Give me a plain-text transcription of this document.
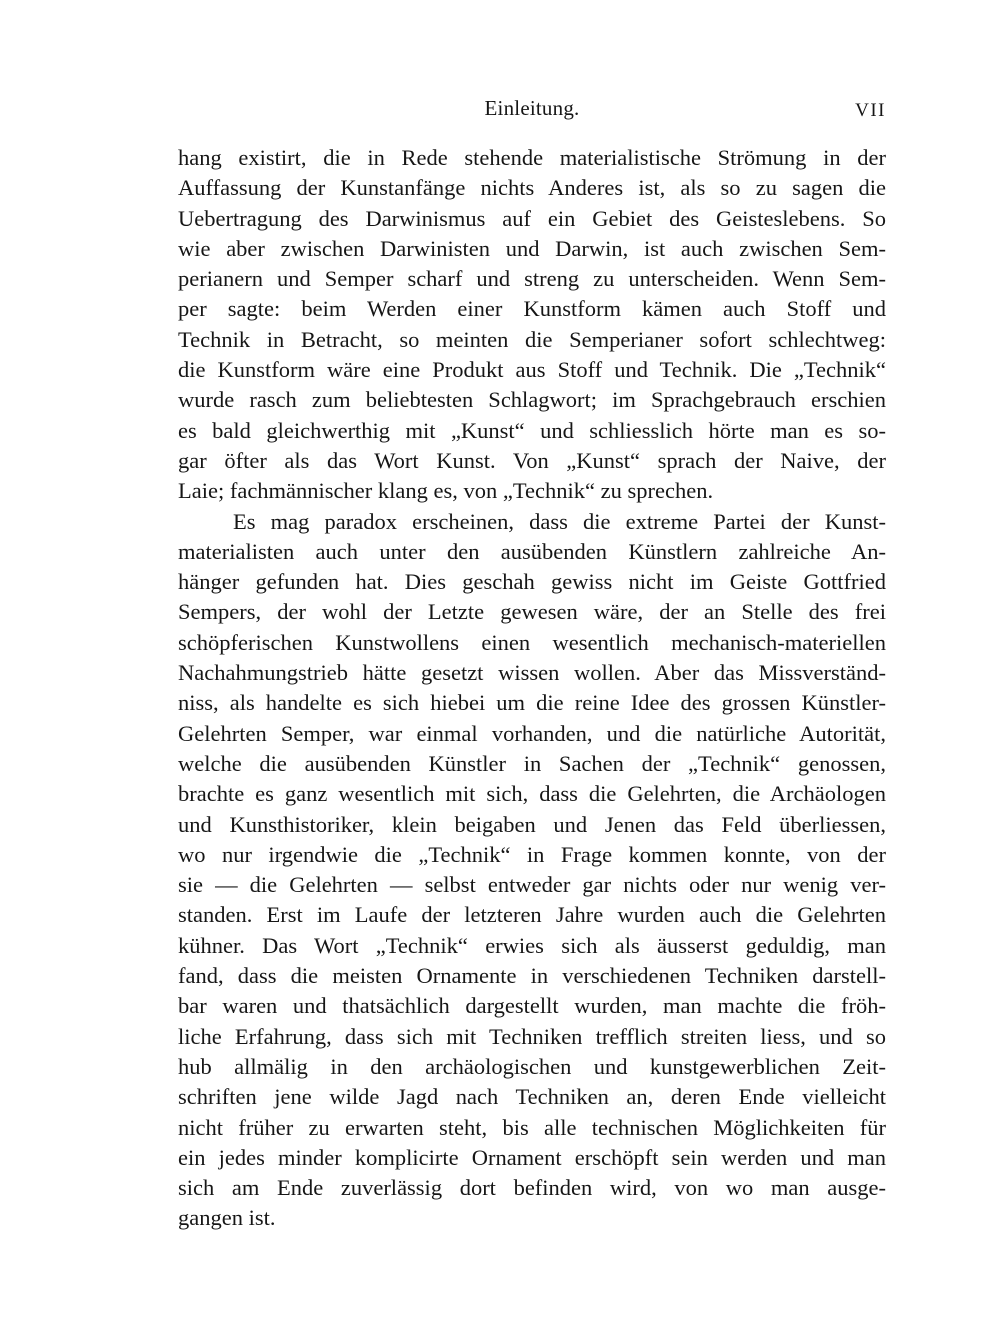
Einleitung.	VII
hang existirt, die in Rede stehende materialistische Strömung in der
Auffassung der Kunstanfänge nichts Anderes ist, als so zu sagen die
Uebertragung des Darwinismus auf ein Gebiet des Geisteslebens. So
wie aber zwischen Darwinisten und Darwin, ist auch zwischen Sem-
perianern und Semper scharf und streng zu unterscheiden. Wenn Sem-
per sagte: beim Werden einer Kunstform kämen auch Stoff und
Technik in Betracht, so meinten die Semperianer sofort schlechtweg:
die Kunstform wäre eine Produkt aus Stoff und Technik. Die „Technik“
wurde rasch zum beliebtesten Schlagwort; im Sprachgebrauch erschien
es bald gleichwerthig mit „Kunst“ und schliesslich hörte man es so-
gar öfter als das Wort Kunst. Von „Kunst“ sprach der Naive, der
Laie; fachmännischer klang es, von „Technik“ zu sprechen.
Es mag paradox erscheinen, dass die extreme Partei der Kunst-
materialisten auch unter den ausübenden Künstlern zahlreiche An-
hänger gefunden hat. Dies geschah gewiss nicht im Geiste Gottfried
Sempers, der wohl der Letzte gewesen wäre, der an Stelle des frei
schöpferischen Kunstwollens einen wesentlich mechanisch-materiellen
Nachahmungstrieb hätte gesetzt wissen wollen. Aber das Missverständ-
niss, als handelte es sich hiebei um die reine Idee des grossen Künstler-
Gelehrten Semper, war einmal vorhanden, und die natürliche Autorität,
welche die ausübenden Künstler in Sachen der „Technik“ genossen,
brachte es ganz wesentlich mit sich, dass die Gelehrten, die Archäologen
und Kunsthistoriker, klein beigaben und Jenen das Feld überliessen,
wo nur irgendwie die „Technik“ in Frage kommen konnte, von der
sie — die Gelehrten — selbst entweder gar nichts oder nur wenig ver-
standen. Erst im Laufe der letzteren Jahre wurden auch die Gelehrten
kühner. Das Wort „Technik“ erwies sich als äusserst geduldig, man
fand, dass die meisten Ornamente in verschiedenen Techniken darstell-
bar waren und thatsächlich dargestellt wurden, man machte die fröh-
liche Erfahrung, dass sich mit Techniken trefflich streiten liess, und so
hub allmälig in den archäologischen und kunstgewerblichen Zeit-
schriften jene wilde Jagd nach Techniken an, deren Ende vielleicht
nicht früher zu erwarten steht, bis alle technischen Möglichkeiten für
ein jedes minder komplicirte Ornament erschöpft sein werden und man
sich am Ende zuverlässig dort befinden wird, von wo man ausge-
gangen ist.
